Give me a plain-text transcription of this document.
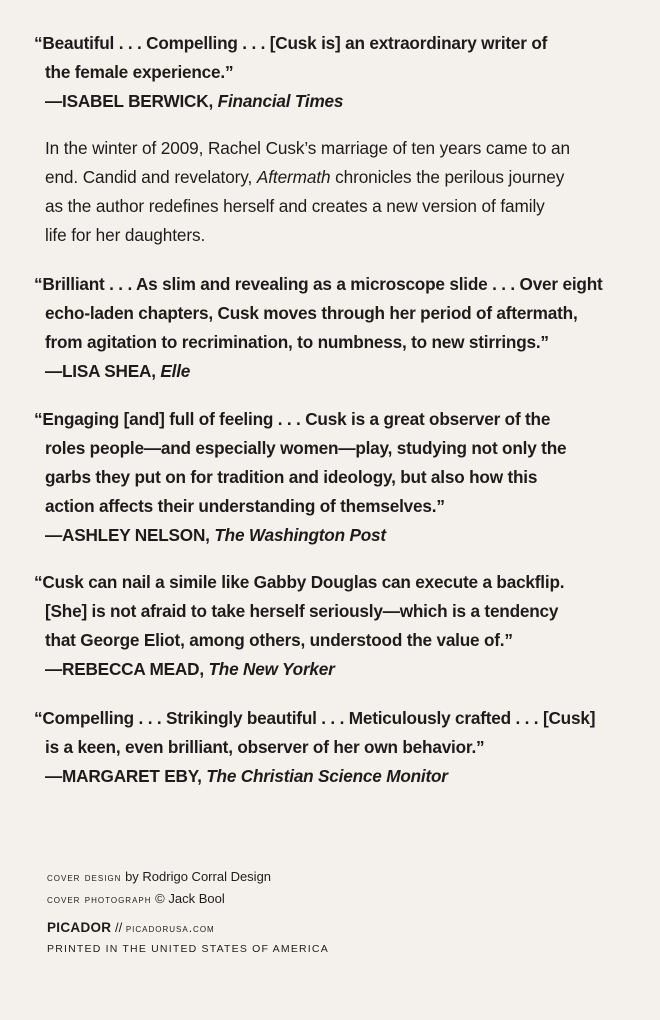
“Beautiful . . . Compelling . . . [Cusk is] an extraordinary writer of
the female experience.”
—ISABEL BERWICK, Financial Times
In the winter of 2009, Rachel Cusk’s marriage of ten years came to an
end. Candid and revelatory, Aftermath chronicles the perilous journey
as the author redefines herself and creates a new version of family
life for her daughters.
“Brilliant . . . As slim and revealing as a microscope slide . . . Over eight
echo-laden chapters, Cusk moves through her period of aftermath,
from agitation to recrimination, to numbness, to new stirrings.”
—LISA SHEA, Elle
“Engaging [and] full of feeling . . . Cusk is a great observer of the
roles people—and especially women—play, studying not only the
garbs they put on for tradition and ideology, but also how this
action affects their understanding of themselves.”
—ASHLEY NELSON, The Washington Post
“Cusk can nail a simile like Gabby Douglas can execute a backflip.
[She] is not afraid to take herself seriously—which is a tendency
that George Eliot, among others, understood the value of.”
—REBECCA MEAD, The New Yorker
“Compelling . . . Strikingly beautiful . . . Meticulously crafted . . . [Cusk]
is a keen, even brilliant, observer of her own behavior.”
—MARGARET EBY, The Christian Science Monitor
cover design by Rodrigo Corral Design
cover photograph © Jack Bool
PICADOR // picadorusa.com
PRINTED IN THE UNITED STATES OF AMERICA
